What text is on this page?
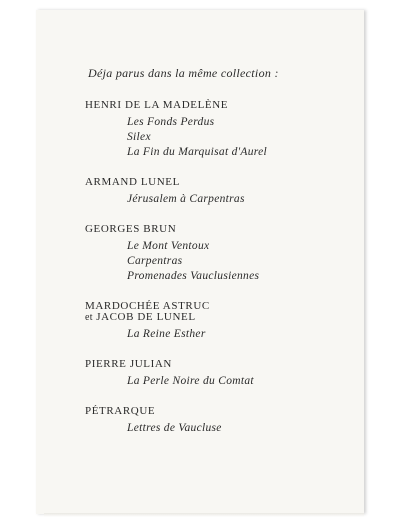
Déja parus dans la même collection :
HENRI DE LA MADELÈNE
Les Fonds Perdus
Silex
La Fin du Marquisat d'Aurel
ARMAND LUNEL
Jérusalem à Carpentras
GEORGES BRUN
Le Mont Ventoux
Carpentras
Promenades Vauclusiennes
MARDOCHÉE ASTRUC
et JACOB DE LUNEL
La Reine Esther
PIERRE JULIAN
La Perle Noire du Comtat
PÉTRARQUE
Lettres de Vaucluse
